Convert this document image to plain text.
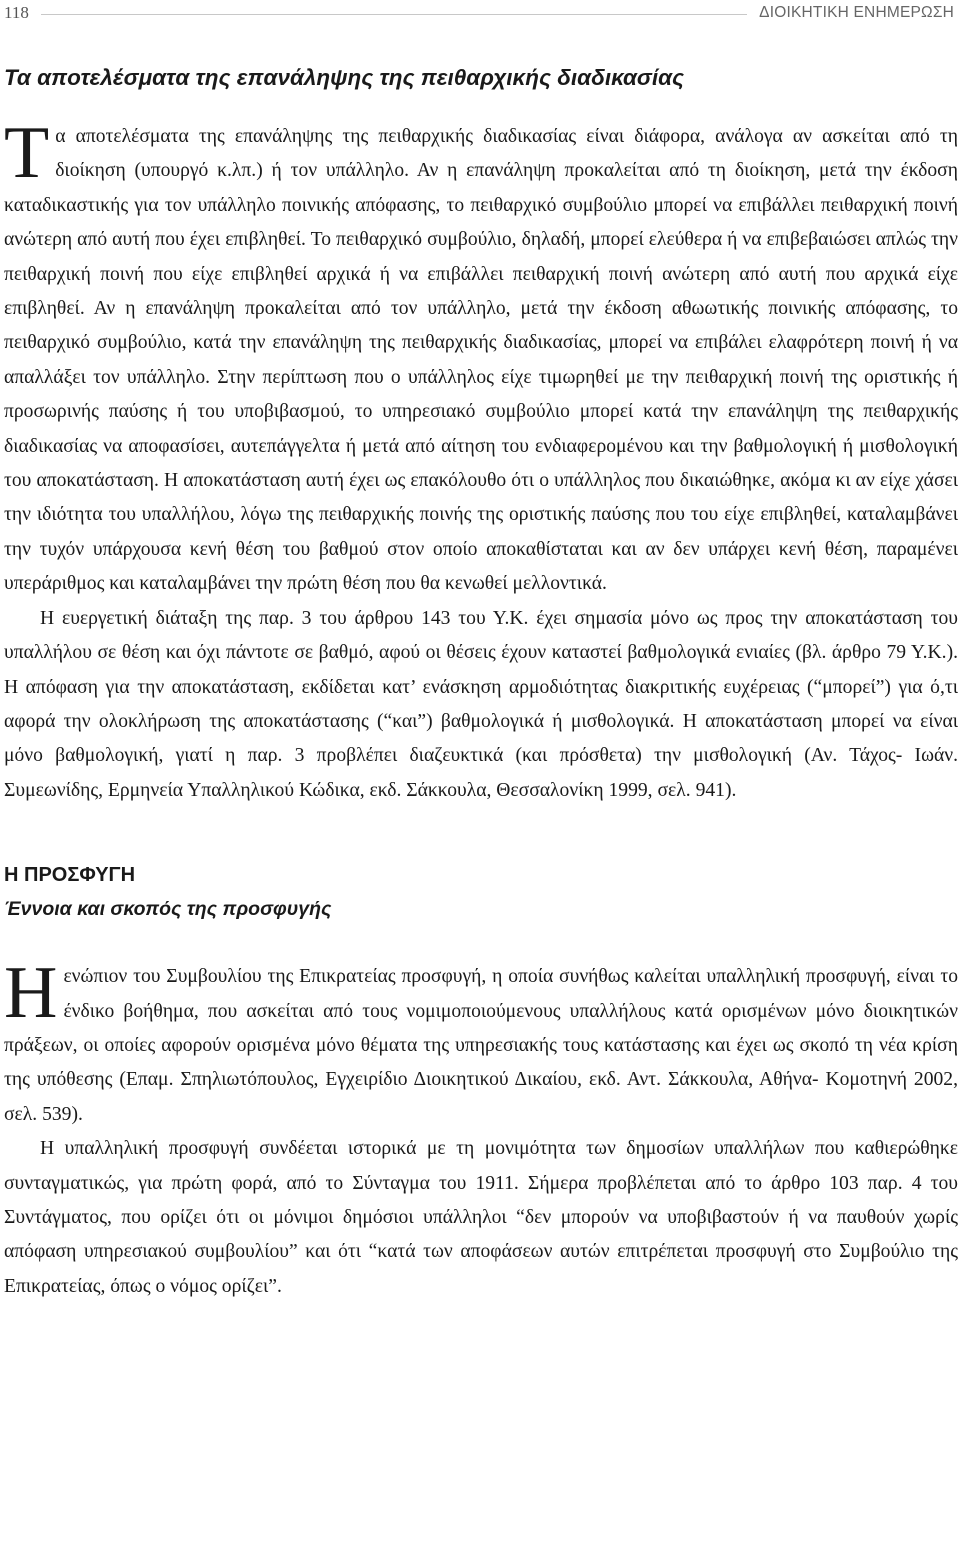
118	ΔΙΟΙΚΗΤΙΚΗ ΕΝΗΜΕΡΩΣΗ
Τα αποτελέσματα της επανάληψης της πειθαρχικής διαδικασίας

Τα αποτελέσματα της επανάληψης της πειθαρχικής διαδικασίας είναι διάφορα, ανάλογα αν ασκείται από τη διοίκηση (υπουργό κ.λπ.) ή τον υπάλληλο. Αν η επανάληψη προκαλείται από τη διοίκηση, μετά την έκδοση καταδικαστικής για τον υπάλληλο ποινικής απόφασης, το πειθαρχικό συμβούλιο μπορεί να επιβάλλει πειθαρχική ποινή ανώτερη από αυτή που έχει επιβληθεί. Το πειθαρχικό συμβούλιο, δηλαδή, μπορεί ελεύθερα ή να επιβεβαιώσει απλώς την πειθαρχική ποινή που είχε επιβληθεί αρχικά ή να επιβάλλει πειθαρχική ποινή ανώτερη από αυτή που αρχικά είχε επιβληθεί. Αν η επανάληψη προκαλείται από τον υπάλληλο, μετά την έκδοση αθωωτικής ποινικής απόφασης, το πειθαρχικό συμβούλιο, κατά την επανάληψη της πειθαρχικής διαδικασίας, μπορεί να επιβάλει ελαφρότερη ποινή ή να απαλλάξει τον υπάλληλο. Στην περίπτωση που ο υπάλληλος είχε τιμωρηθεί με την πειθαρχική ποινή της οριστικής ή προσωρινής παύσης ή του υποβιβασμού, το υπηρεσιακό συμβούλιο μπορεί κατά την επανάληψη της πειθαρχικής διαδικασίας να αποφασίσει, αυτεπάγγελτα ή μετά από αίτηση του ενδιαφερομένου και την βαθμολογική ή μισθολογική του αποκατάσταση. Η αποκατάσταση αυτή έχει ως επακόλουθο ότι ο υπάλληλος που δικαιώθηκε, ακόμα κι αν είχε χάσει την ιδιότητα του υπαλλήλου, λόγω της πειθαρχικής ποινής της οριστικής παύσης που του είχε επιβληθεί, καταλαμβάνει την τυχόν υπάρχουσα κενή θέση του βαθμού στον οποίο αποκαθίσταται και αν δεν υπάρχει κενή θέση, παραμένει υπεράριθμος και καταλαμβάνει την πρώτη θέση που θα κενωθεί μελλοντικά.

Η ευεργετική διάταξη της παρ. 3 του άρθρου 143 του Υ.Κ. έχει σημασία μόνο ως προς την αποκατάσταση του υπαλλήλου σε θέση και όχι πάντοτε σε βαθμό, αφού οι θέσεις έχουν καταστεί βαθμολογικά ενιαίες (βλ. άρθρο 79 Υ.Κ.). Η απόφαση για την αποκατάσταση, εκδίδεται κατ’ ενάσκηση αρμοδιότητας διακριτικής ευχέρειας (“μπορεί”) για ό,τι αφορά την ολοκλήρωση της αποκατάστασης (“και”) βαθμολογικά ή μισθολογικά. Η αποκατάσταση μπορεί να είναι μόνο βαθμολογική, γιατί η παρ. 3 προβλέπει διαζευκτικά (και πρόσθετα) την μισθολογική (Αν. Τάχος- Ιωάν. Συμεωνίδης, Ερμηνεία Υπαλληλικού Κώδικα, εκδ. Σάκκουλα, Θεσσαλονίκη 1999, σελ. 941).

Η ΠΡΟΣΦΥΓΗ
Έννοια και σκοπός της προσφυγής

Ηενώπιον του Συμβουλίου της Επικρατείας προσφυγή, η οποία συνήθως καλείται υπαλληλική προσφυγή, είναι το ένδικο βοήθημα, που ασκείται από τους νομιμοποιούμενους υπαλλήλους κατά ορισμένων μόνο διοικητικών πράξεων, οι οποίες αφορούν ορισμένα μόνο θέματα της υπηρεσιακής τους κατάστασης και έχει ως σκοπό τη νέα κρίση της υπόθεσης (Επαμ. Σπηλιωτόπουλος, Εγχειρίδιο Διοικητικού Δικαίου, εκδ. Αντ. Σάκκουλα, Αθήνα- Κομοτηνή 2002, σελ. 539).

Η υπαλληλική προσφυγή συνδέεται ιστορικά με τη μονιμότητα των δημοσίων υπαλλήλων που καθιερώθηκε συνταγματικώς, για πρώτη φορά, από το Σύνταγμα του 1911. Σήμερα προβλέπεται από το άρθρο 103 παρ. 4 του Συντάγματος, που ορίζει ότι οι μόνιμοι δημόσιοι υπάλληλοι “δεν μπορούν να υποβιβαστούν ή να παυθούν χωρίς απόφαση υπηρεσιακού συμβουλίου” και ότι “κατά των αποφάσεων αυτών επιτρέπεται προσφυγή στο Συμβούλιο της Επικρατείας, όπως ο νόμος ορίζει”.
